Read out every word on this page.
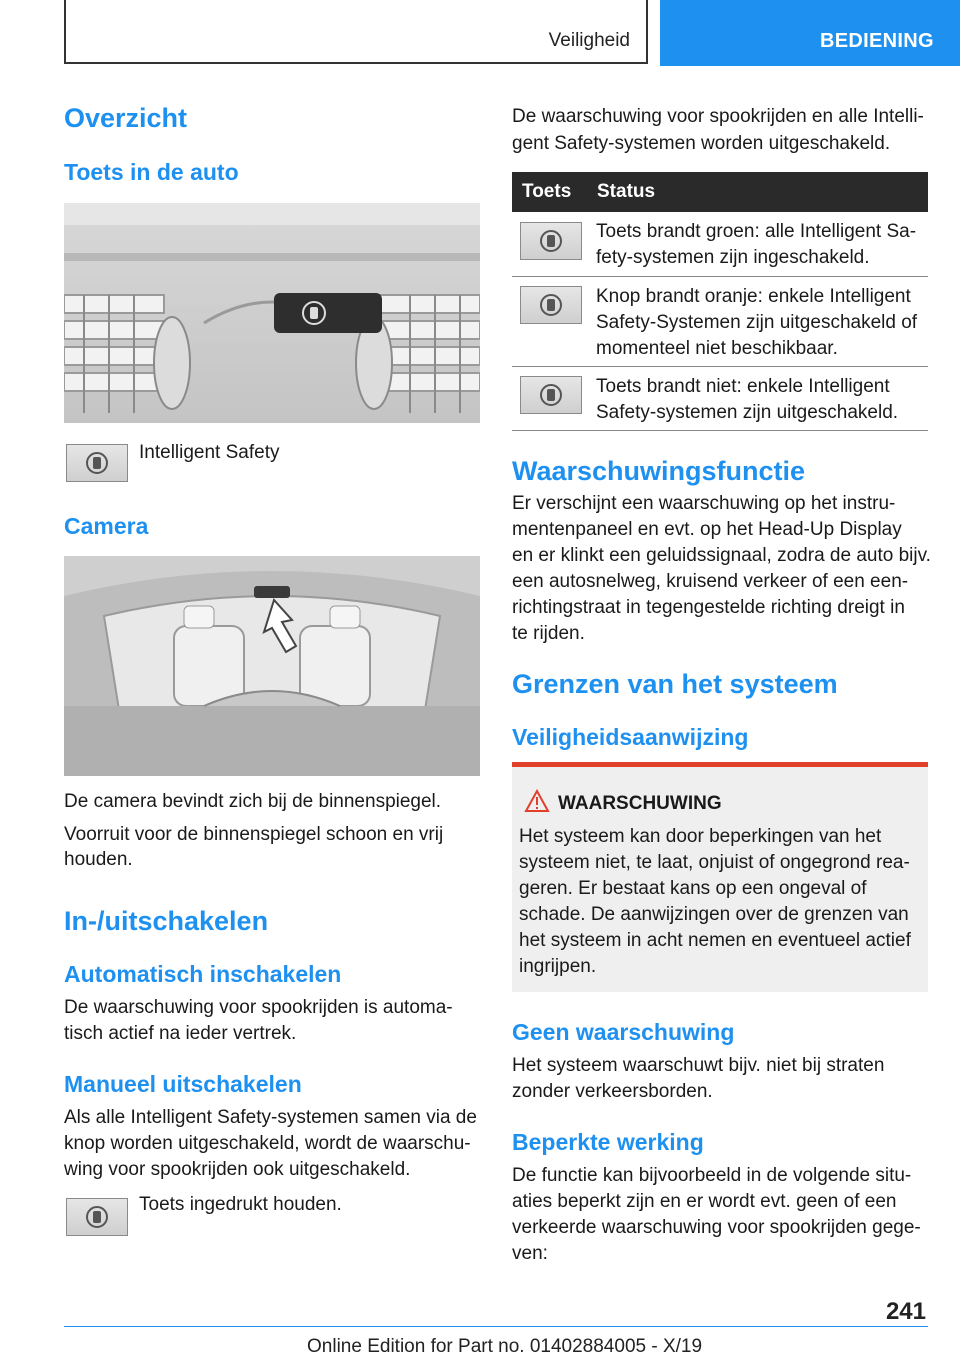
Veiligheid	BEDIENING
Overzicht
Toets in de auto
Intelligent Safety
Camera
De camera bevindt zich bij de binnenspiegel.
Voorruit voor de binnenspiegel schoon en vrij
houden.
In-/uitschakelen
Automatisch inschakelen
De waarschuwing voor spookrijden is automa-
tisch actief na ieder vertrek.
Manueel uitschakelen
Als alle Intelligent Safety-systemen samen via de
knop worden uitgeschakeld, wordt de waarschu-
wing voor spookrijden ook uitgeschakeld.
Toets ingedrukt houden.
De waarschuwing voor spookrijden en alle Intelli-
gent Safety-systemen worden uitgeschakeld.
Toets Status
Toets brandt groen: alle Intelligent Sa-
fety-systemen zijn ingeschakeld.
Knop brandt oranje: enkele Intelligent
Safety-Systemen zijn uitgeschakeld of
momenteel niet beschikbaar.
Toets brandt niet: enkele Intelligent
Safety-systemen zijn uitgeschakeld.
Waarschuwingsfunctie
Er verschijnt een waarschuwing op het instru-
mentenpaneel en evt. op het Head-Up Display
en er klinkt een geluidssignaal, zodra de auto bijv.
een autosnelweg, kruisend verkeer of een een-
richtingstraat in tegengestelde richting dreigt in
te rijden.
Grenzen van het systeem
Veiligheidsaanwijzing
WAARSCHUWING
Het systeem kan door beperkingen van het
systeem niet, te laat, onjuist of ongegrond rea-
geren. Er bestaat kans op een ongeval of
schade. De aanwijzingen over de grenzen van
het systeem in acht nemen en eventueel actief
ingrijpen.
Geen waarschuwing
Het systeem waarschuwt bijv. niet bij straten
zonder verkeersborden.
Beperkte werking
De functie kan bijvoorbeeld in de volgende situ-
aties beperkt zijn en er wordt evt. geen of een
verkeerde waarschuwing voor spookrijden gege-
ven:
241
Online Edition for Part no. 01402884005 - X/19
